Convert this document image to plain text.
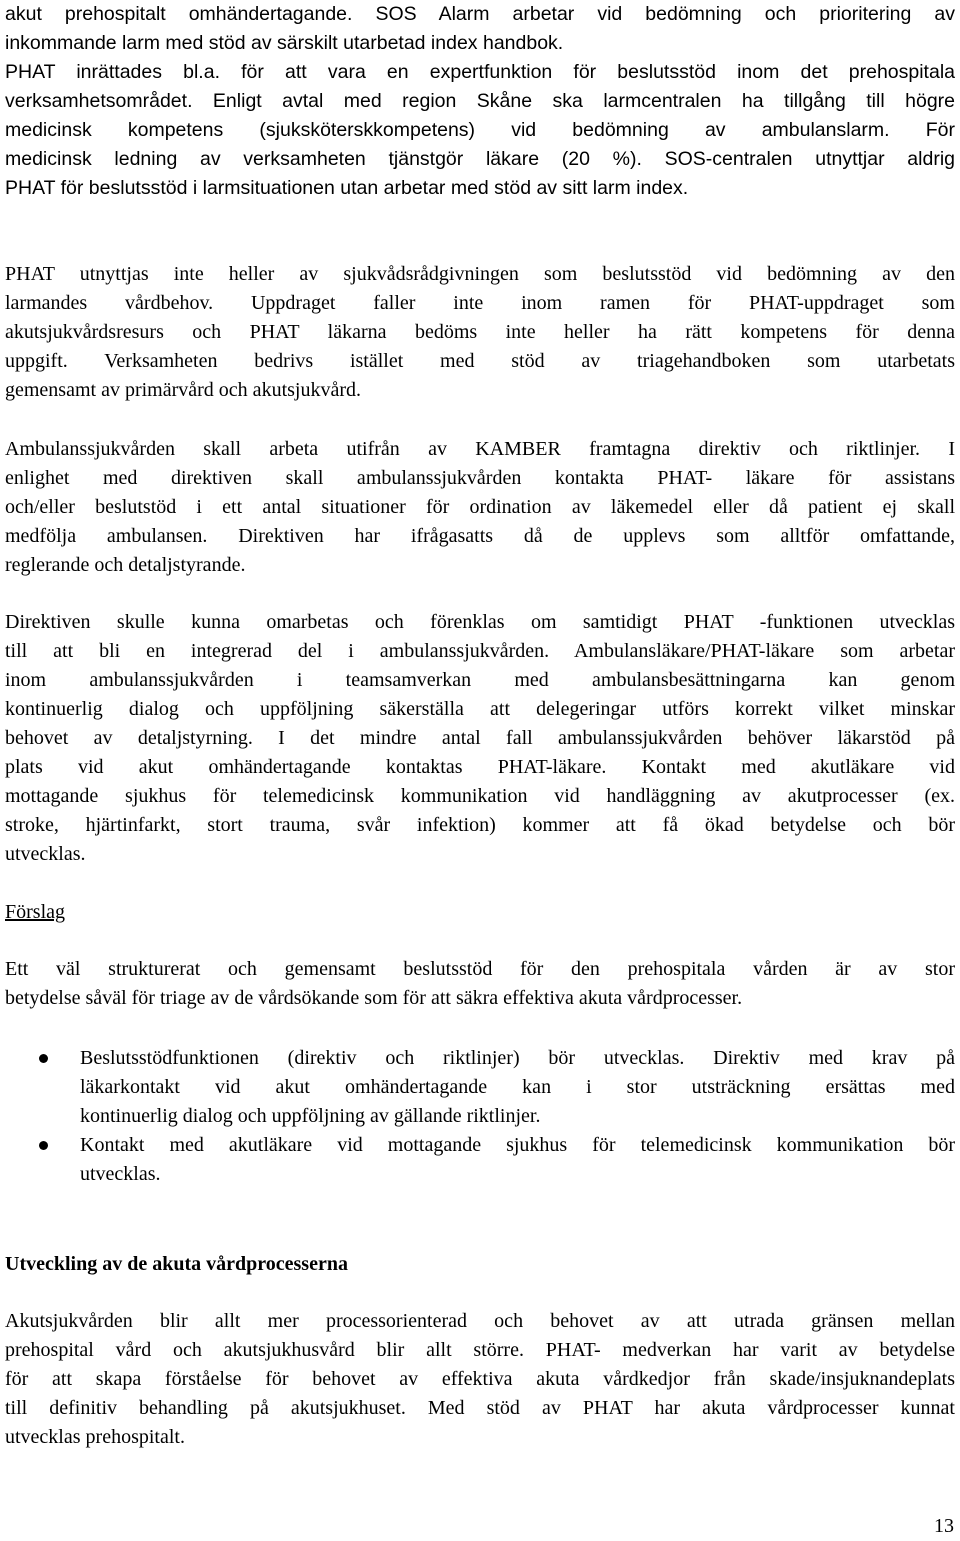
akut prehospitalt omhändertagande. SOS Alarm arbetar vid bedömning och prioritering av
inkommande larm med stöd av särskilt utarbetad index handbok.

PHAT inrättades bl.a. för att vara en expertfunktion för beslutsstöd inom det prehospitala
verksamhetsområdet. Enligt avtal med region Skåne ska larmcentralen ha tillgång till högre
medicinsk kompetens (sjuksköterskkompetens) vid bedömning av ambulanslarm. För
medicinsk ledning av verksamheten tjänstgör läkare (20 %). SOS-centralen utnyttjar aldrig
PHAT för beslutsstöd i larmsituationen utan arbetar med stöd av sitt larm index.

PHAT utnyttjas inte heller av sjukvådsrådgivningen som beslutsstöd vid bedömning av den
larmandes vårdbehov. Uppdraget faller inte inom ramen för PHAT-uppdraget som
akutsjukvårdsresurs och PHAT läkarna bedöms inte heller ha rätt kompetens för denna
uppgift. Verksamheten bedrivs istället med stöd av triagehandboken som utarbetats
gemensamt av primärvård och akutsjukvård.

Ambulanssjukvården skall arbeta utifrån av KAMBER framtagna direktiv och riktlinjer. I
enlighet med direktiven skall ambulanssjukvården kontakta PHAT- läkare för assistans
och/eller beslutstöd i ett antal situationer för ordination av läkemedel eller då patient ej skall
medfölja ambulansen. Direktiven har ifrågasatts då de upplevs som alltför omfattande,
reglerande och detaljstyrande.

Direktiven skulle kunna omarbetas och förenklas om samtidigt PHAT -funktionen utvecklas
till att bli en integrerad del i ambulanssjukvården. Ambulansläkare/PHAT-läkare som arbetar
inom ambulanssjukvården i teamsamverkan med ambulansbesättningarna kan genom
kontinuerlig dialog och uppföljning säkerställa att delegeringar utförs korrekt vilket minskar
behovet av detaljstyrning. I det mindre antal fall ambulanssjukvården behöver läkarstöd på
plats vid akut omhändertagande kontaktas PHAT-läkare. Kontakt med akutläkare vid
mottagande sjukhus för telemedicinsk kommunikation vid handläggning av akutprocesser (ex.
stroke, hjärtinfarkt, stort trauma, svår infektion) kommer att få ökad betydelse och bör
utvecklas.

Förslag

Ett väl strukturerat och gemensamt beslutsstöd för den prehospitala vården är av stor
betydelse såväl för triage av de vårdsökande som för att säkra effektiva akuta vårdprocesser.

Beslutsstödfunktionen (direktiv och riktlinjer) bör utvecklas. Direktiv med krav på
läkarkontakt vid akut omhändertagande kan i stor utsträckning ersättas med
kontinuerlig dialog och uppföljning av gällande riktlinjer.
Kontakt med akutläkare vid mottagande sjukhus för telemedicinsk kommunikation bör
utvecklas.

Utveckling av de akuta vårdprocesserna

Akutsjukvården blir allt mer processorienterad och behovet av att utrada gränsen mellan
prehospital vård och akutsjukhusvård blir allt större. PHAT- medverkan har varit av betydelse
för att skapa förståelse för behovet av effektiva akuta vårdkedjor från skade/insjuknandeplats
till definitiv behandling på akutsjukhuset. Med stöd av PHAT har akuta vårdprocesser kunnat
utvecklas prehospitalt.

13
